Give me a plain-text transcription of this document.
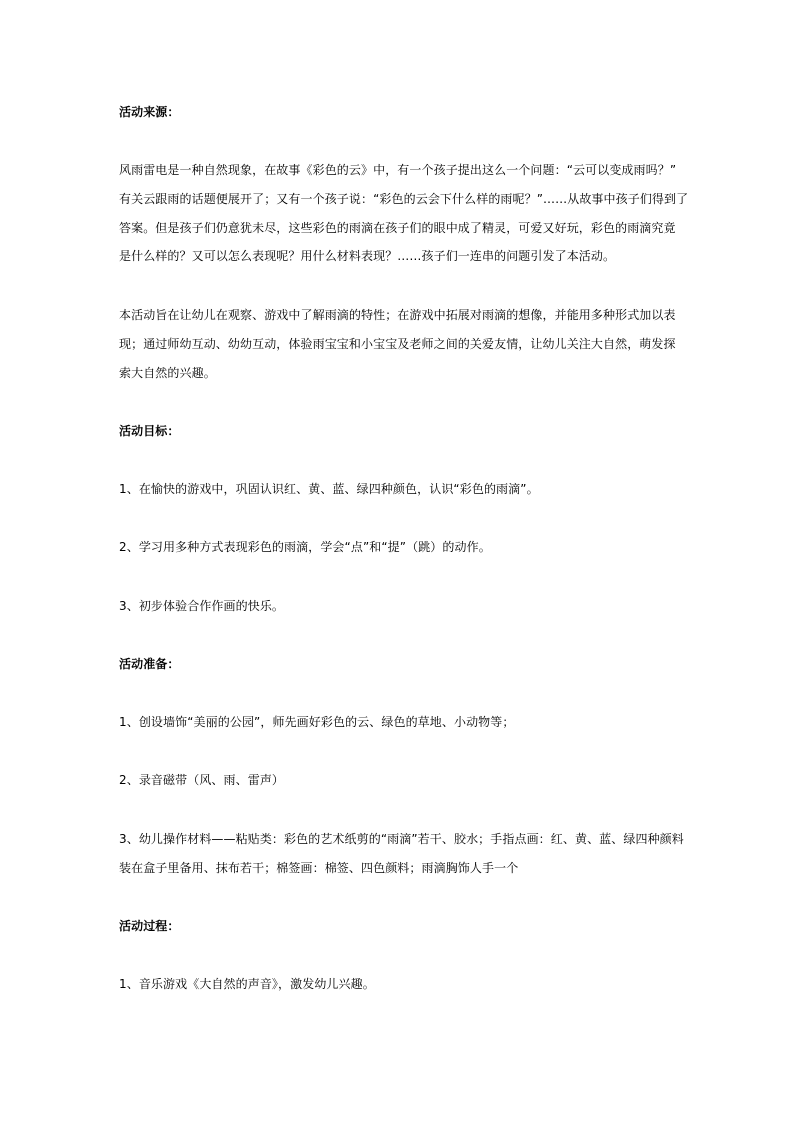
活动来源：
风雨雷电是一种自然现象，在故事《彩色的云》中，有一个孩子提出这么一个问题：“云可以变成雨吗？”
有关云跟雨的话题便展开了；又有一个孩子说：“彩色的云会下什么样的雨呢？”……从故事中孩子们得到了
答案。但是孩子们仍意犹未尽，这些彩色的雨滴在孩子们的眼中成了精灵，可爱又好玩，彩色的雨滴究竟
是什么样的？又可以怎么表现呢？用什么材料表现？……孩子们一连串的问题引发了本活动。
本活动旨在让幼儿在观察、游戏中了解雨滴的特性；在游戏中拓展对雨滴的想像，并能用多种形式加以表
现；通过师幼互动、幼幼互动，体验雨宝宝和小宝宝及老师之间的关爱友情，让幼儿关注大自然，萌发探
索大自然的兴趣。
活动目标：
1、在愉快的游戏中，巩固认识红、黄、蓝、绿四种颜色，认识“彩色的雨滴”。
2、学习用多种方式表现彩色的雨滴，学会“点”和“提”（跳）的动作。
3、初步体验合作作画的快乐。
活动准备：
1、创设墙饰“美丽的公园”，师先画好彩色的云、绿色的草地、小动物等；
2、录音磁带（风、雨、雷声）
3、幼儿操作材料——粘贴类：彩色的艺术纸剪的“雨滴”若干、胶水；手指点画：红、黄、蓝、绿四种颜料
装在盒子里备用、抹布若干；棉签画：棉签、四色颜料；雨滴胸饰人手一个
活动过程：
1、音乐游戏《大自然的声音》，激发幼儿兴趣。
